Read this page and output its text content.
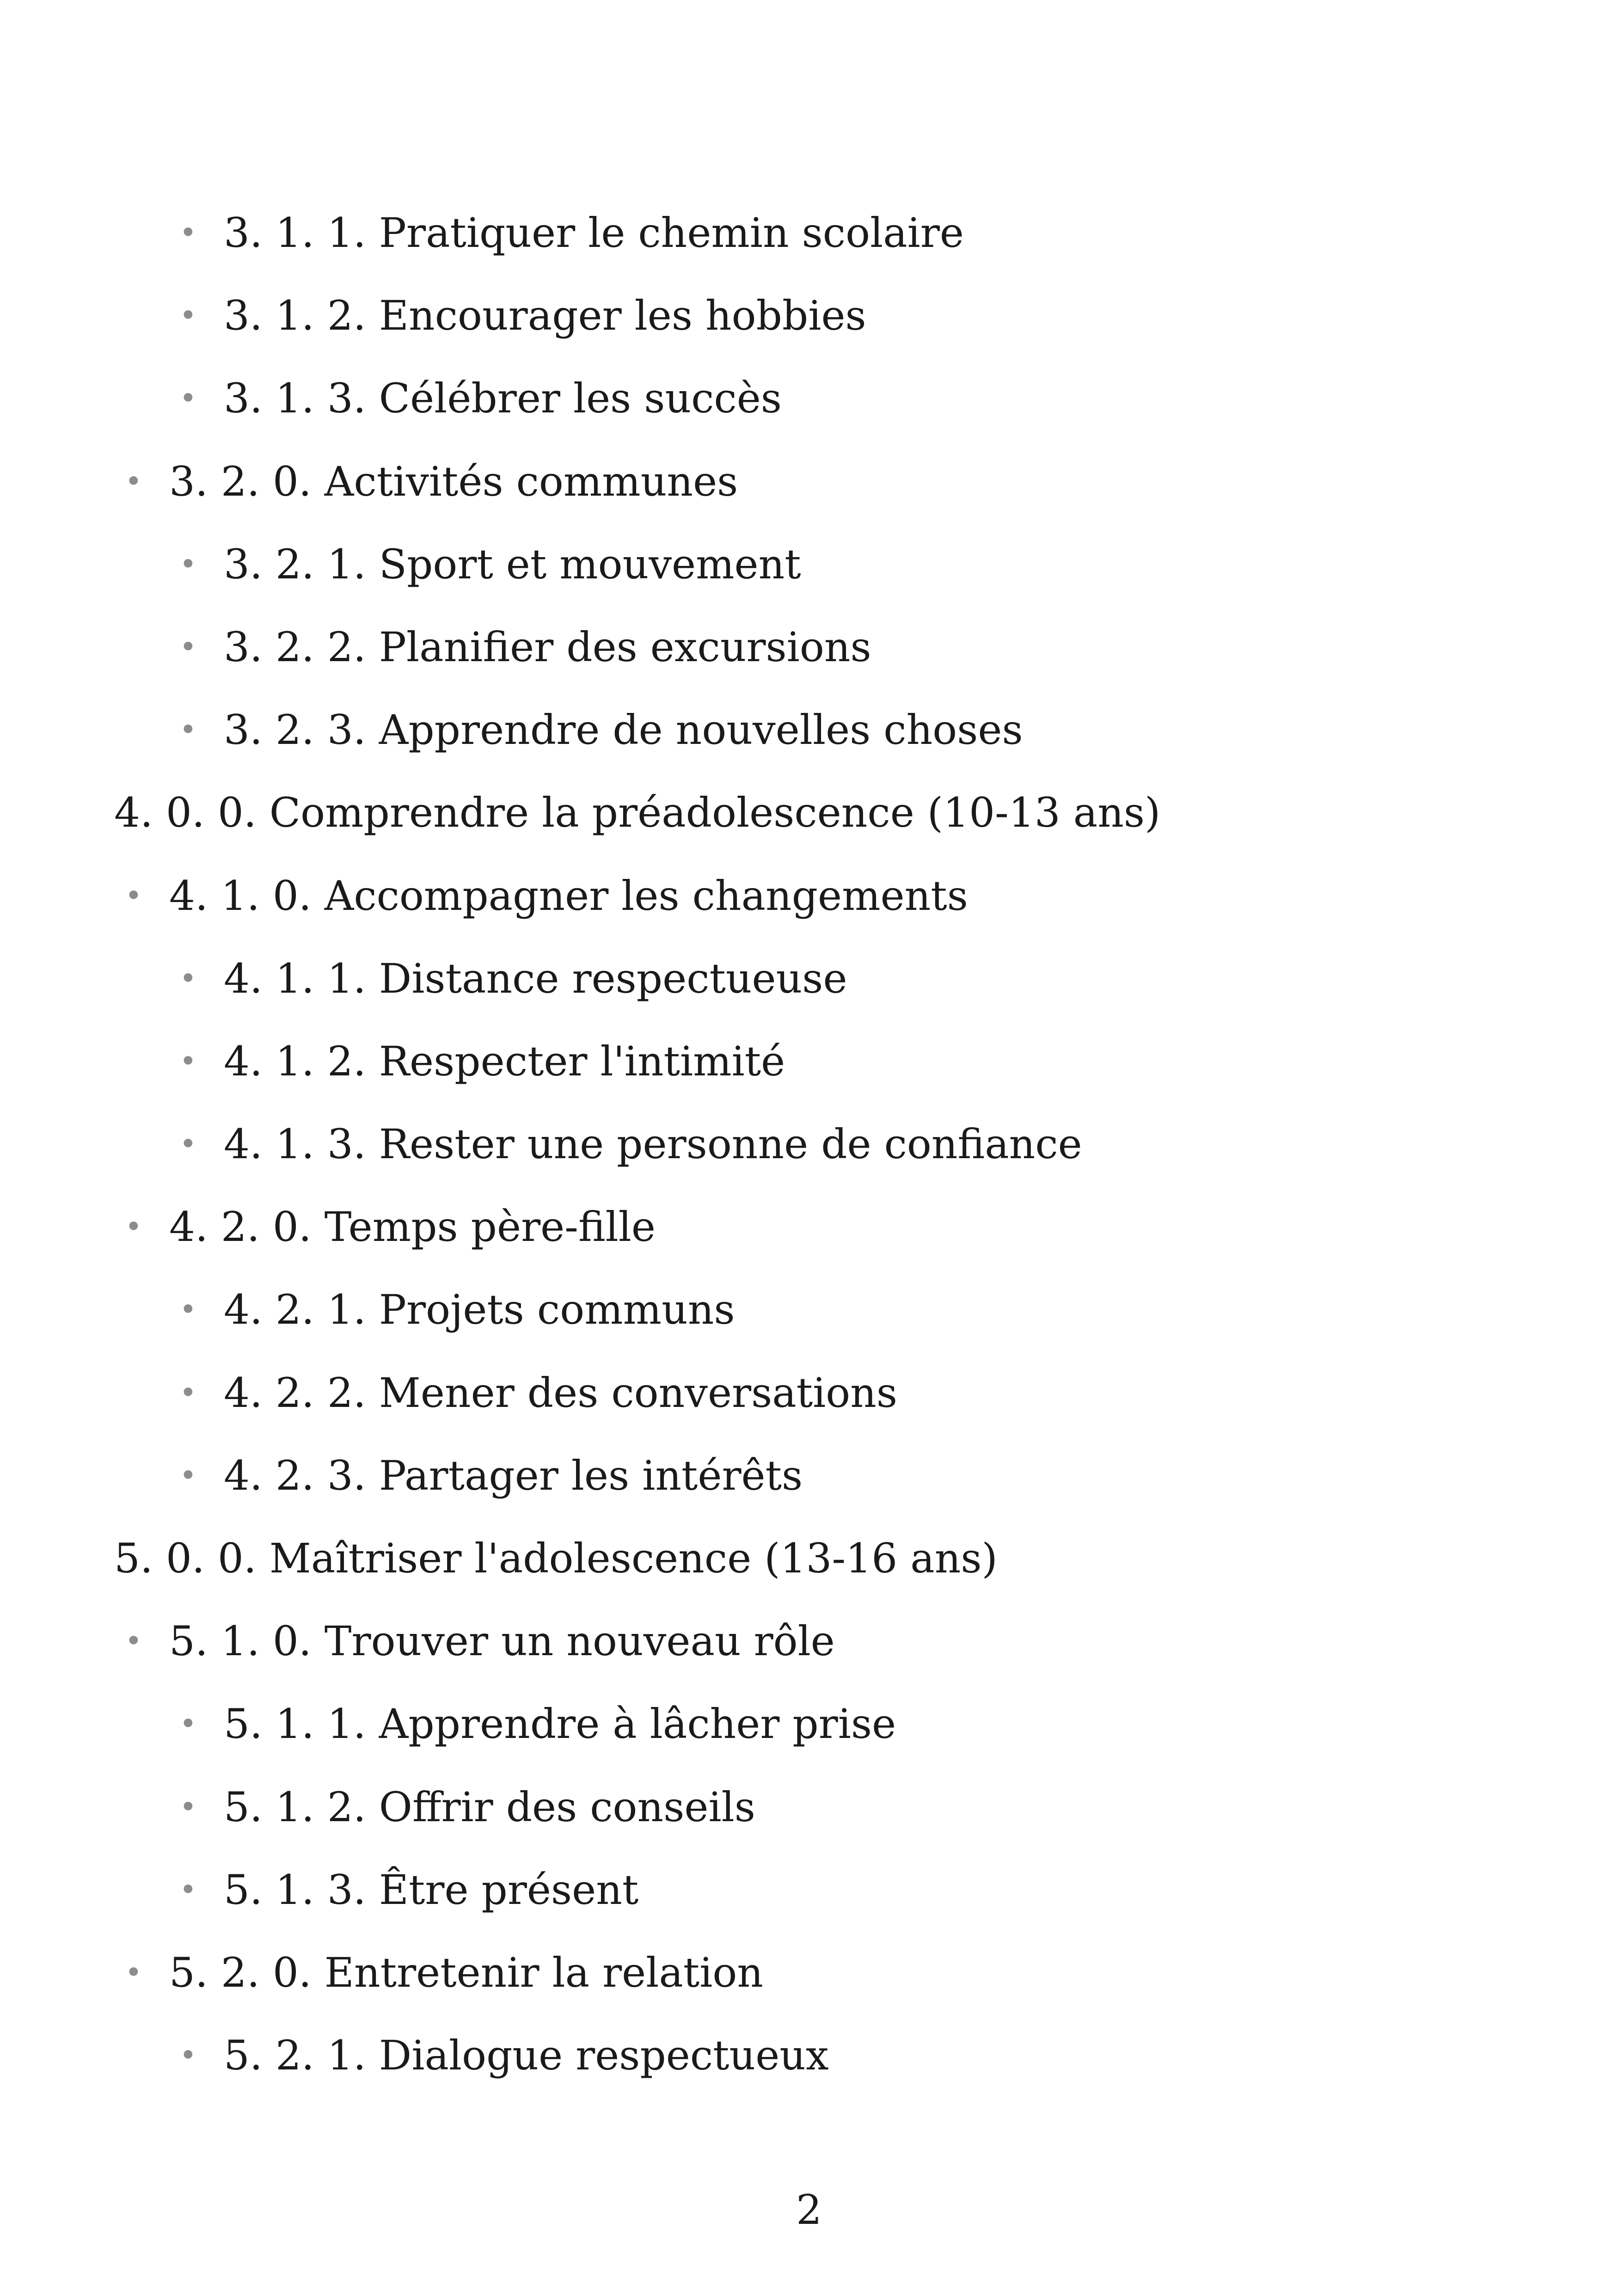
• 3. 1. 1. Pratiquer le chemin scolaire
• 3. 1. 2. Encourager les hobbies
• 3. 1. 3. Célébrer les succès
• 3. 2. 0. Activités communes
• 3. 2. 1. Sport et mouvement
• 3. 2. 2. Planifier des excursions
• 3. 2. 3. Apprendre de nouvelles choses
4. 0. 0. Comprendre la préadolescence (10-13 ans)
• 4. 1. 0. Accompagner les changements
• 4. 1. 1. Distance respectueuse
• 4. 1. 2. Respecter l'intimité
• 4. 1. 3. Rester une personne de confiance
• 4. 2. 0. Temps père-fille
• 4. 2. 1. Projets communs
• 4. 2. 2. Mener des conversations
• 4. 2. 3. Partager les intérêts
5. 0. 0. Maîtriser l'adolescence (13-16 ans)
• 5. 1. 0. Trouver un nouveau rôle
• 5. 1. 1. Apprendre à lâcher prise
• 5. 1. 2. Offrir des conseils
• 5. 1. 3. Être présent
• 5. 2. 0. Entretenir la relation
• 5. 2. 1. Dialogue respectueux
2
